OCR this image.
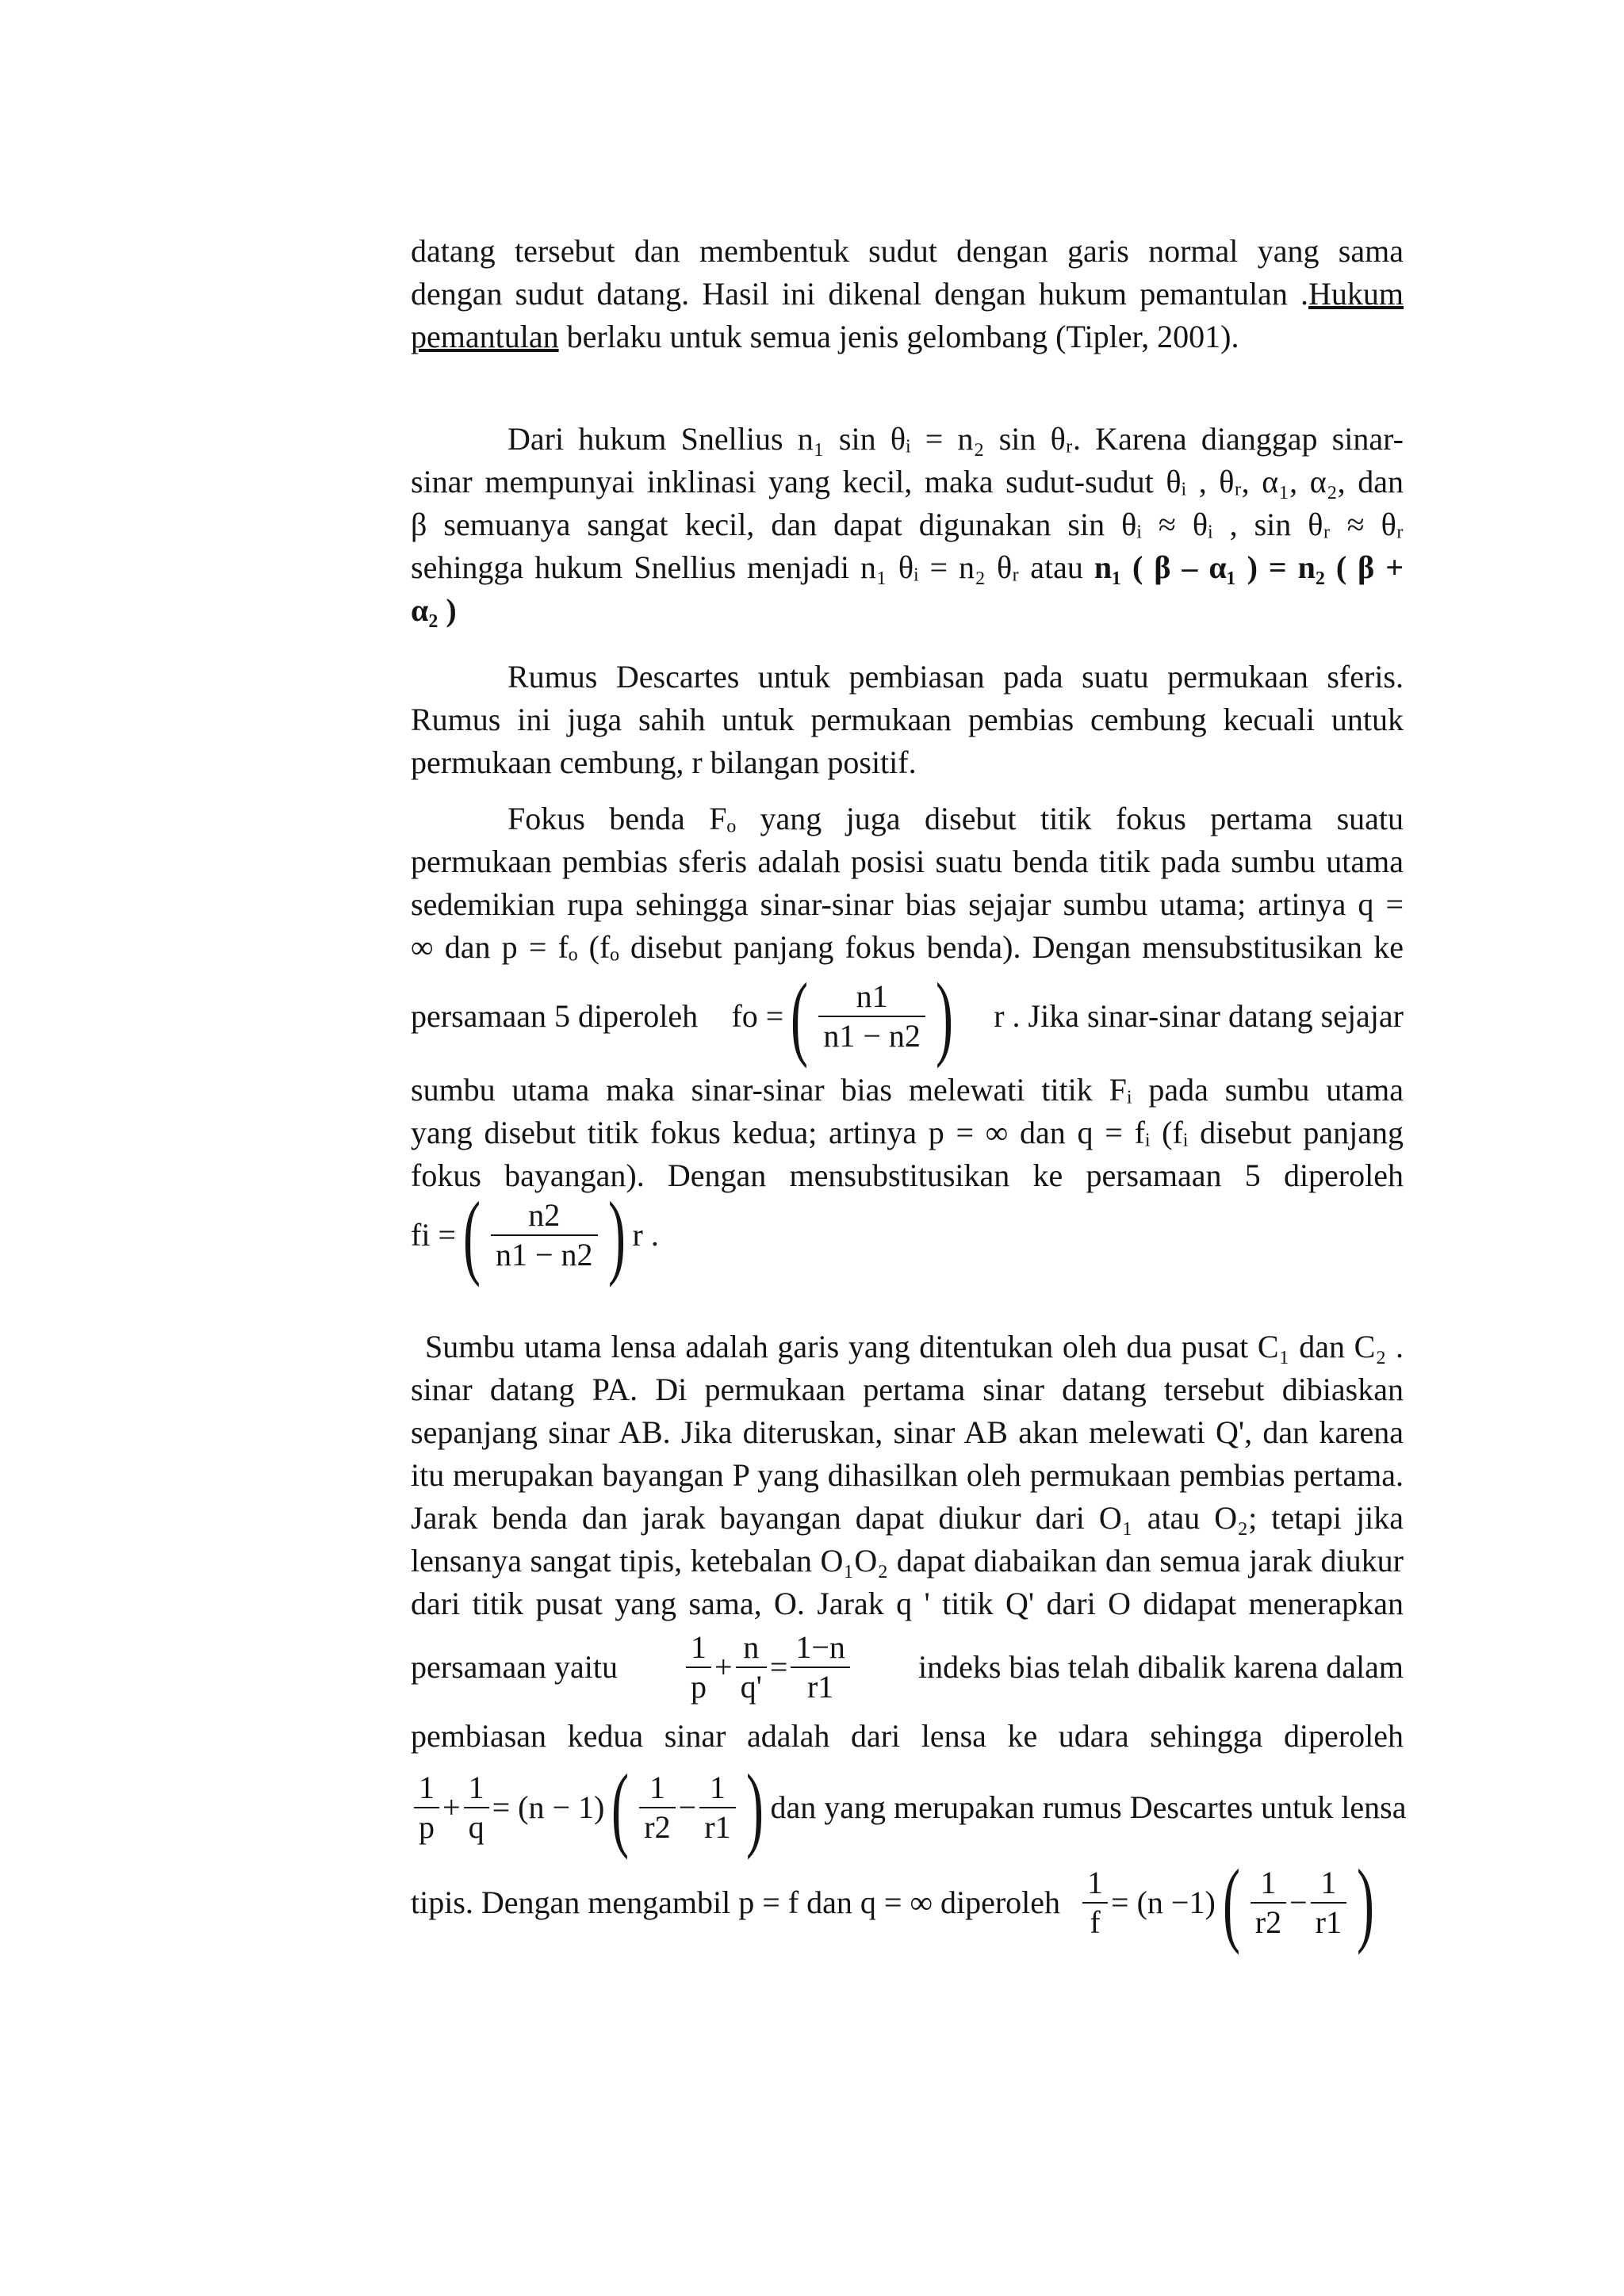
datang tersebut dan membentuk sudut dengan garis normal yang sama
dengan sudut datang. Hasil ini dikenal dengan hukum pemantulan .Hukum
pemantulan berlaku untuk semua jenis gelombang (Tipler, 2001).
Dari hukum Snellius n₁ sin θᵢ = n₂ sin θᵣ. Karena dianggap sinar-
sinar mempunyai inklinasi yang kecil, maka sudut-sudut θᵢ , θᵣ, α₁, α₂, dan
β semuanya sangat kecil, dan dapat digunakan sin θᵢ ≈ θᵢ , sin θᵣ ≈ θᵣ
sehingga hukum Snellius menjadi n₁ θᵢ = n₂ θᵣ atau n₁ ( β – α₁ ) = n₂ ( β +
α₂ )
Rumus Descartes untuk pembiasan pada suatu permukaan sferis.
Rumus ini juga sahih untuk permukaan pembias cembung kecuali untuk
permukaan cembung, r bilangan positif.
Fokus benda Fₒ yang juga disebut titik fokus pertama suatu
permukaan pembias sferis adalah posisi suatu benda titik pada sumbu utama
sedemikian rupa sehingga sinar-sinar bias sejajar sumbu utama; artinya q =
∞ dan p = fₒ (fₒ disebut panjang fokus benda). Dengan mensubstitusikan ke
persamaan 5 diperoleh fo = ( $\frac{n1}{n1 - n2}$ ) r . Jika sinar-sinar datang sejajar
sumbu utama maka sinar-sinar bias melewati titik Fᵢ pada sumbu utama
yang disebut titik fokus kedua; artinya p = ∞ dan q = fᵢ (fᵢ disebut panjang
fokus bayangan). Dengan mensubstitusikan ke persamaan 5 diperoleh
fi = ( $\frac{n2}{n1 - n2}$ ) r .
Sumbu utama lensa adalah garis yang ditentukan oleh dua pusat C₁ dan C₂ .
sinar datang PA. Di permukaan pertama sinar datang tersebut dibiaskan
sepanjang sinar AB. Jika diteruskan, sinar AB akan melewati Q', dan karena
itu merupakan bayangan P yang dihasilkan oleh permukaan pembias pertama.
Jarak benda dan jarak bayangan dapat diukur dari O₁ atau O₂; tetapi jika
lensanya sangat tipis, ketebalan O₁O₂ dapat diabaikan dan semua jarak diukur
dari titik pusat yang sama, O. Jarak q ' titik Q' dari O didapat menerapkan
persamaan yaitu $\frac{1}{p} + \frac{n}{q'} = \frac{1-n}{r1}$ indeks bias telah dibalik karena dalam
pembiasan kedua sinar adalah dari lensa ke udara sehingga diperoleh
$\frac{1}{p} + \frac{1}{q} = (n - 1)$ ( $\frac{1}{r2} - \frac{1}{r1}$ ) dan yang merupakan rumus Descartes untuk lensa
tipis. Dengan mengambil p = f dan q = ∞ diperoleh $\frac{1}{f} = (n -1)$ ( $\frac{1}{r2} - \frac{1}{r1}$ )
